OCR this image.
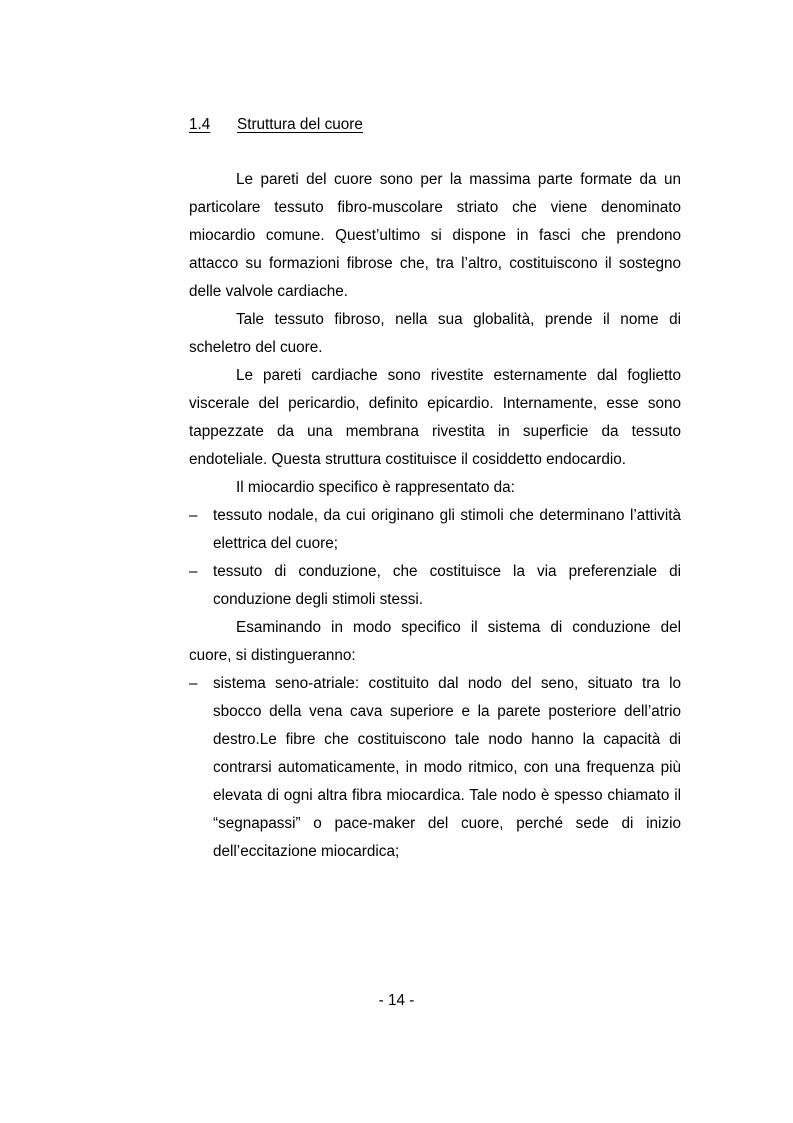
1.4 Struttura del cuore

Le pareti del cuore sono per la massima parte formate da un particolare tessuto fibro-muscolare striato che viene denominato miocardio comune. Quest’ultimo si dispone in fasci che prendono attacco su formazioni fibrose che, tra l’altro, costituiscono il sostegno delle valvole cardiache.

Tale tessuto fibroso, nella sua globalità, prende il nome di scheletro del cuore.

Le pareti cardiache sono rivestite esternamente dal foglietto viscerale del pericardio, definito epicardio. Internamente, esse sono tappezzate da una membrana rivestita in superficie da tessuto endoteliale. Questa struttura costituisce il cosiddetto endocardio.

Il miocardio specifico è rappresentato da:

–	tessuto nodale, da cui originano gli stimoli che determinano l’attività elettrica del cuore;
–	tessuto di conduzione, che costituisce la via preferenziale di conduzione degli stimoli stessi.

Esaminando in modo specifico il sistema di conduzione del cuore, si distingueranno:

–	sistema seno-atriale: costituito dal nodo del seno, situato tra lo sbocco della vena cava superiore e la parete posteriore dell’atrio destro.Le fibre che costituiscono tale nodo hanno la capacità di contrarsi automaticamente, in modo ritmico, con una frequenza più elevata di ogni altra fibra miocardica. Tale nodo è spesso chiamato il “segnapassi” o pace-maker del cuore, perché sede di inizio dell’eccitazione miocardica;
- 14 -
